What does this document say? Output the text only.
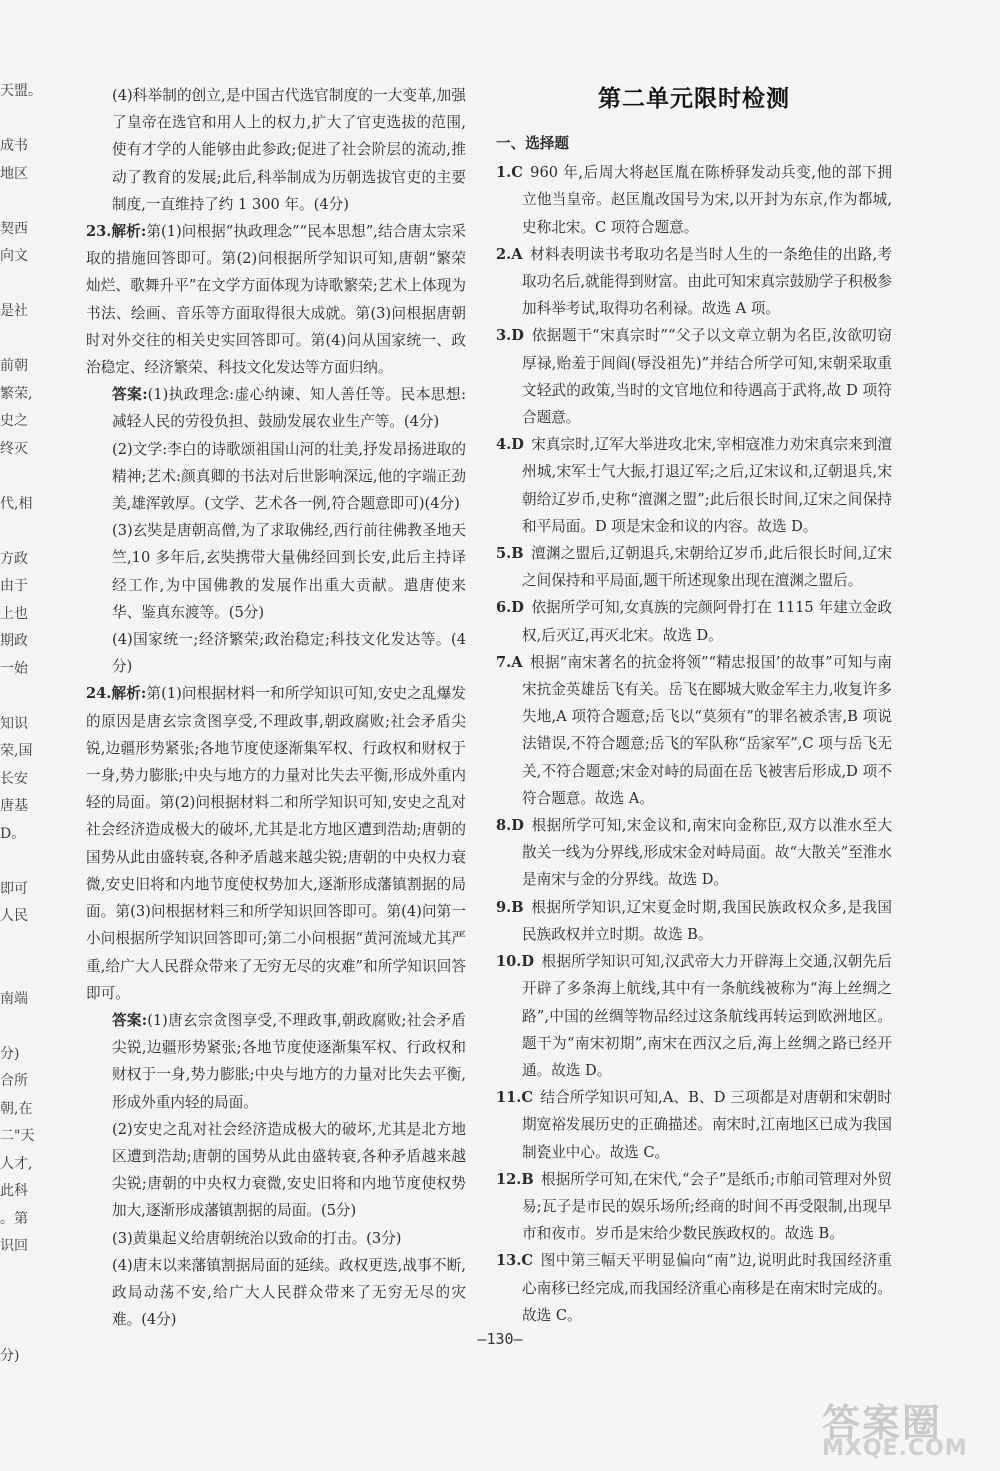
天盟。
成书
地区
契西
向文
是社
前朝
繁荣,
史之
终灭
代,相
方政
由于
上也
期政
一始
知识
荣,国
长安
唐基
D。
即可
人民
南端
分)
合所
朝,在
二"天
人才,
此科
。第
识回
分)

(4)科举制的创立,是中国古代选官制度的一大变革,加强了皇帝在选官和用人上的权力,扩大了官吏选拔的范围,使有才学的人能够由此参政;促进了社会阶层的流动,推动了教育的发展;此后,科举制成为历朝选拔官吏的主要制度,一直维持了约 1 300 年。(4分)

23.解析:第(1)问根据“执政理念”“民本思想”,结合唐太宗采取的措施回答即可。第(2)问根据所学知识可知,唐朝“繁荣灿烂、歌舞升平”在文学方面体现为诗歌繁荣;艺术上体现为书法、绘画、音乐等方面取得很大成就。第(3)问根据唐朝时对外交往的相关史实回答即可。第(4)问从国家统一、政治稳定、经济繁荣、科技文化发达等方面归纳。

答案:(1)执政理念:虚心纳谏、知人善任等。民本思想:减轻人民的劳役负担、鼓励发展农业生产等。(4分)

(2)文学:李白的诗歌颂祖国山河的壮美,抒发昂扬进取的精神;艺术:颜真卿的书法对后世影响深远,他的字端正劲美,雄浑敦厚。(文学、艺术各一例,符合题意即可)(4分)

(3)玄奘是唐朝高僧,为了求取佛经,西行前往佛教圣地天竺,10 多年后,玄奘携带大量佛经回到长安,此后主持译经工作,为中国佛教的发展作出重大贡献。遣唐使来华、鉴真东渡等。(5分)

(4)国家统一;经济繁荣;政治稳定;科技文化发达等。(4分)

24.解析:第(1)问根据材料一和所学知识可知,安史之乱爆发的原因是唐玄宗贪图享受,不理政事,朝政腐败;社会矛盾尖锐,边疆形势紧张;各地节度使逐渐集军权、行政权和财权于一身,势力膨胀;中央与地方的力量对比失去平衡,形成外重内轻的局面。第(2)问根据材料二和所学知识可知,安史之乱对社会经济造成极大的破坏,尤其是北方地区遭到浩劫;唐朝的国势从此由盛转衰,各种矛盾越来越尖锐;唐朝的中央权力衰微,安史旧将和内地节度使权势加大,逐渐形成藩镇割据的局面。第(3)问根据材料三和所学知识回答即可。第(4)问第一小问根据所学知识回答即可;第二小问根据“黄河流域尤其严重,给广大人民群众带来了无穷无尽的灾难”和所学知识回答即可。

答案:(1)唐玄宗贪图享受,不理政事,朝政腐败;社会矛盾尖锐,边疆形势紧张;各地节度使逐渐集军权、行政权和财权于一身,势力膨胀;中央与地方的力量对比失去平衡,形成外重内轻的局面。

(2)安史之乱对社会经济造成极大的破坏,尤其是北方地区遭到浩劫;唐朝的国势从此由盛转衰,各种矛盾越来越尖锐;唐朝的中央权力衰微,安史旧将和内地节度使权势加大,逐渐形成藩镇割据的局面。(5分)

(3)黄巢起义给唐朝统治以致命的打击。(3分)

(4)唐末以来藩镇割据局面的延续。政权更迭,战事不断,政局动荡不安,给广大人民群众带来了无穷无尽的灾难。(4分)

第二单元限时检测
一、选择题

1.C  960 年,后周大将赵匡胤在陈桥驿发动兵变,他的部下拥立他当皇帝。赵匡胤改国号为宋,以开封为东京,作为都城,史称北宋。C 项符合题意。

2.A  材料表明读书考取功名是当时人生的一条绝佳的出路,考取功名后,就能得到财富。由此可知宋真宗鼓励学子积极参加科举考试,取得功名利禄。故选 A 项。

3.D  依据题干“宋真宗时”“父子以文章立朝为名臣,汝欲叨窃厚禄,贻羞于闾阎(辱没祖先)”并结合所学可知,宋朝采取重文轻武的政策,当时的文官地位和待遇高于武将,故 D 项符合题意。

4.D  宋真宗时,辽军大举进攻北宋,宰相寇准力劝宋真宗来到澶州城,宋军士气大振,打退辽军;之后,辽宋议和,辽朝退兵,宋朝给辽岁币,史称“澶渊之盟”;此后很长时间,辽宋之间保持和平局面。D 项是宋金和议的内容。故选 D。

5.B  澶渊之盟后,辽朝退兵,宋朝给辽岁币,此后很长时间,辽宋之间保持和平局面,题干所述现象出现在澶渊之盟后。

6.D  依据所学可知,女真族的完颜阿骨打在 1115 年建立金政权,后灭辽,再灭北宋。故选 D。

7.A  根据“南宋著名的抗金将领”“精忠报国’的故事”可知与南宋抗金英雄岳飞有关。岳飞在郾城大败金军主力,收复许多失地,A 项符合题意;岳飞以“莫须有”的罪名被杀害,B 项说法错误,不符合题意;岳飞的军队称“岳家军”,C 项与岳飞无关,不符合题意;宋金对峙的局面在岳飞被害后形成,D 项不符合题意。故选 A。

8.D  根据所学可知,宋金议和,南宋向金称臣,双方以淮水至大散关一线为分界线,形成宋金对峙局面。故“大散关”至淮水是南宋与金的分界线。故选 D。

9.B  根据所学知识,辽宋夏金时期,我国民族政权众多,是我国民族政权并立时期。故选 B。

10.D  根据所学知识可知,汉武帝大力开辟海上交通,汉朝先后开辟了多条海上航线,其中有一条航线被称为“海上丝绸之路”,中国的丝绸等物品经过这条航线再转运到欧洲地区。题干为“南宋初期”,南宋在西汉之后,海上丝绸之路已经开通。故选 D。

11.C  结合所学知识可知,A、B、D 三项都是对唐朝和宋朝时期宽裕发展历史的正确描述。南宋时,江南地区已成为我国制瓷业中心。故选 C。

12.B  根据所学可知,在宋代,“会子”是纸币;市舶司管理对外贸易;瓦子是市民的娱乐场所;经商的时间不再受限制,出现早市和夜市。岁币是宋给少数民族政权的。故选 B。

13.C  图中第三幅天平明显偏向“南”边,说明此时我国经济重心南移已经完成,而我国经济重心南移是在南宋时完成的。故选 C。

—130—
答案圈
MXQE.COM
